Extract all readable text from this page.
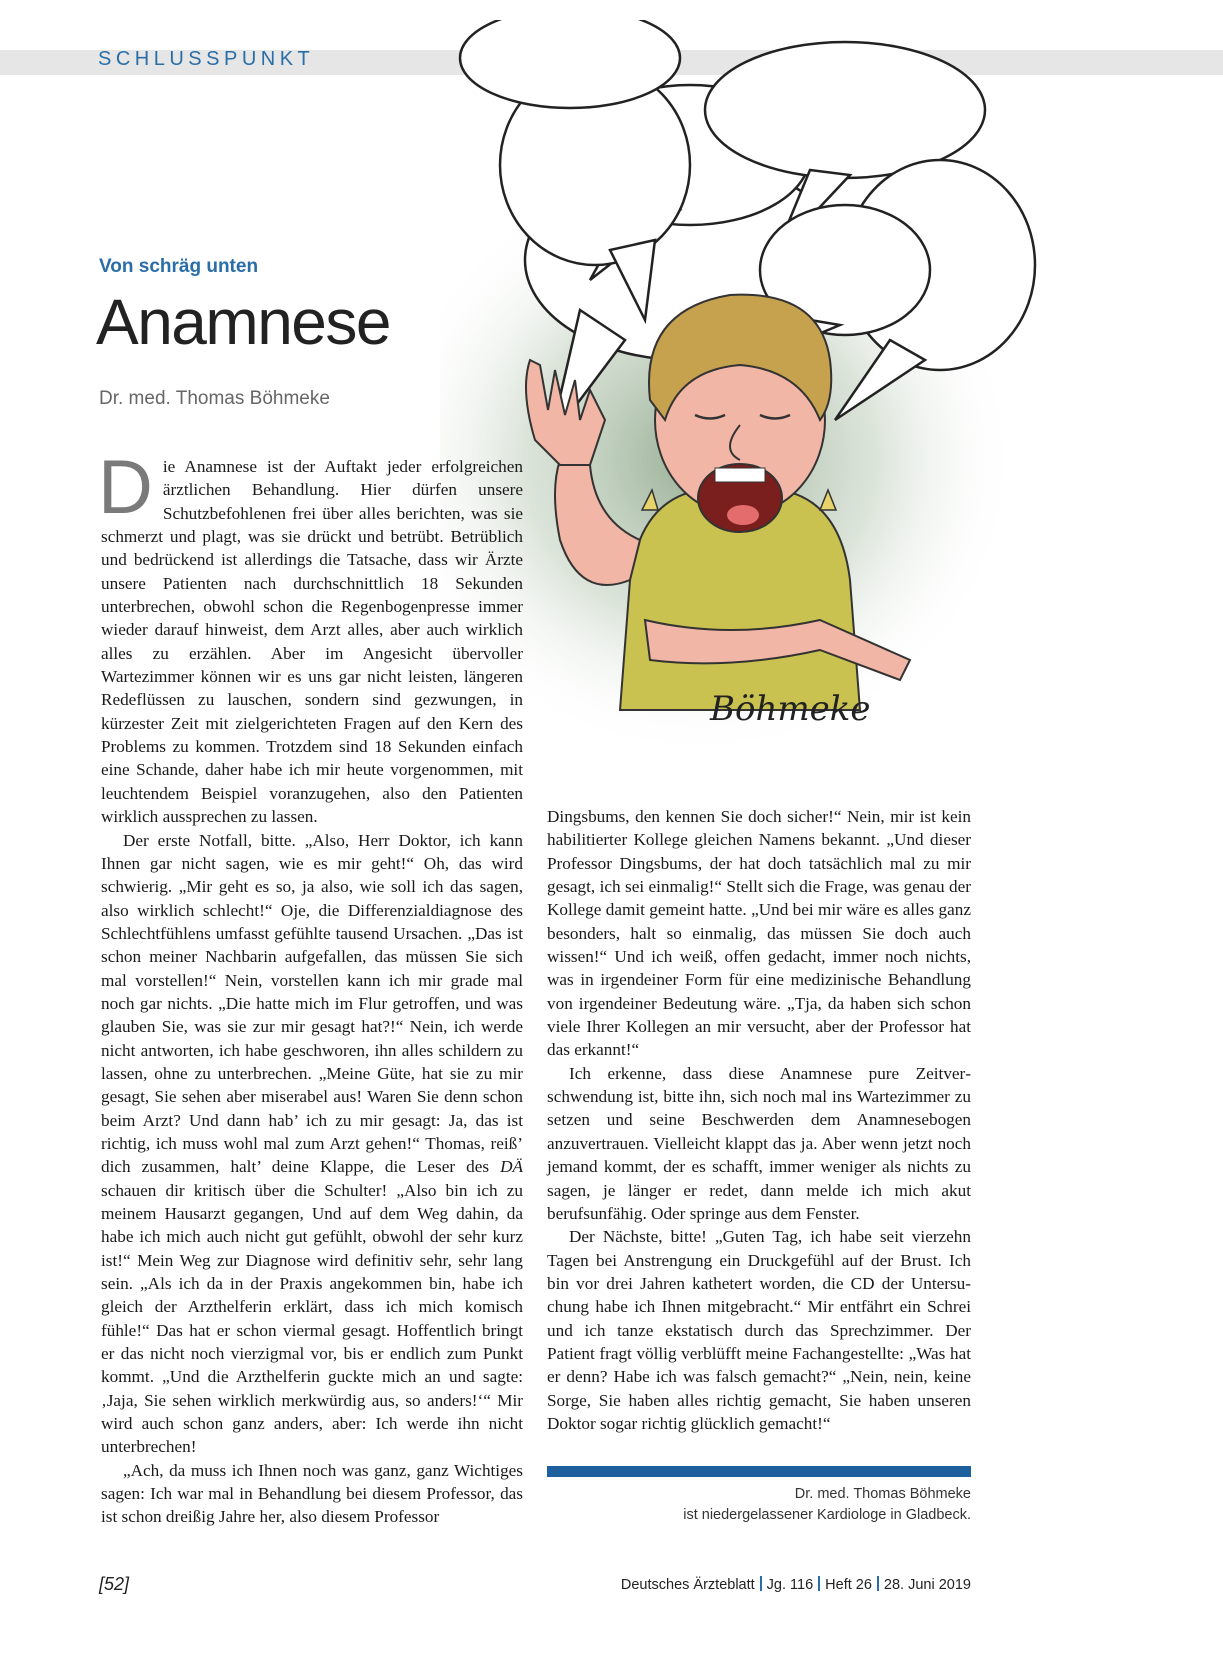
SCHLUSSPUNKT
Böhmeke
Von schräg unten
Anamnese
Dr. med. Thomas Böhmeke

Die Anamnese ist der Auftakt jeder erfolgreichen ärztlichen Behandlung. Hier dürfen unsere Schutzbefohlenen frei über alles berichten, was sie schmerzt und plagt, was sie drückt und betrübt. Betrüblich und bedrückend ist allerdings die Tatsache, dass wir Ärzte unsere Patienten nach durchschnittlich 18 Sekunden unterbrechen, obwohl schon die Regenbogenpresse immer wieder darauf hinweist, dem Arzt alles, aber auch wirklich alles zu erzählen. Aber im Angesicht übervoller Wartezimmer können wir es uns gar nicht leisten, längeren Redeflüssen zu lauschen, sondern sind gezwungen, in kürzester Zeit mit zielgerichteten Fragen auf den Kern des Problems zu kommen. Trotzdem sind 18 Sekunden einfach eine Schande, daher habe ich mir heute vorgenommen, mit leuchtendem Beispiel voranzugehen, also den Patienten wirklich aussprechen zu lassen.

Der erste Notfall, bitte. „Also, Herr Doktor, ich kann Ihnen gar nicht sagen, wie es mir geht!“ Oh, das wird schwierig. „Mir geht es so, ja also, wie soll ich das sagen, also wirklich schlecht!“ Oje, die Differenzialdiagnose des Schlechtfühlens umfasst gefühlte tausend Ursachen. „Das ist schon meiner Nachbarin aufgefallen, das müssen Sie sich mal vorstellen!“ Nein, vorstellen kann ich mir grade mal noch gar nichts. „Die hatte mich im Flur getroffen, und was glauben Sie, was sie zur mir gesagt hat?!“ Nein, ich werde nicht antworten, ich habe geschworen, ihn alles schildern zu lassen, ohne zu unterbrechen. „Meine Güte, hat sie zu mir gesagt, Sie sehen aber miserabel aus! Waren Sie denn schon beim Arzt? Und dann hab’ ich zu mir gesagt: Ja, das ist richtig, ich muss wohl mal zum Arzt gehen!“ Thomas, reiß’ dich zusammen, halt’ deine Klappe, die Leser des DÄ schauen dir kritisch über die Schulter! „Also bin ich zu meinem Hausarzt gegangen, Und auf dem Weg dahin, da habe ich mich auch nicht gut gefühlt, obwohl der sehr kurz ist!“ Mein Weg zur Diagnose wird definitiv sehr, sehr lang sein. „Als ich da in der Praxis angekommen bin, habe ich gleich der Arzthelferin erklärt, dass ich mich komisch fühle!“ Das hat er schon viermal gesagt. Hoffentlich bringt er das nicht noch vierzigmal vor, bis er endlich zum Punkt kommt. „Und die Arzthelferin guckte mich an und sagte: ‚Jaja, Sie sehen wirklich merkwürdig aus, so anders!‘“ Mir wird auch schon ganz anders, aber: Ich werde ihn nicht unterbrechen!

„Ach, da muss ich Ihnen noch was ganz, ganz Wichtiges sagen: Ich war mal in Behandlung bei diesem Professor, das ist schon dreißig Jahre her, also diesem Professor

Dingsbums, den kennen Sie doch sicher!“ Nein, mir ist kein habilitierter Kollege gleichen Namens bekannt. „Und dieser Professor Dingsbums, der hat doch tatsächlich mal zu mir gesagt, ich sei einmalig!“ Stellt sich die Frage, was genau der Kollege damit gemeint hatte. „Und bei mir wäre es alles ganz besonders, halt so einmalig, das müssen Sie doch auch wissen!“ Und ich weiß, offen gedacht, immer noch nichts, was in irgendeiner Form für eine medizinische Behandlung von irgendeiner Bedeutung wäre. „Tja, da haben sich schon viele Ihrer Kollegen an mir versucht, aber der Professor hat das erkannt!“

Ich erkenne, dass diese Anamnese pure Zeitverschwendung ist, bitte ihn, sich noch mal ins Wartezimmer zu setzen und seine Beschwerden dem Anamnesebogen anzuvertrauen. Vielleicht klappt das ja. Aber wenn jetzt noch jemand kommt, der es schafft, immer weniger als nichts zu sagen, je länger er redet, dann melde ich mich akut berufsunfähig. Oder springe aus dem Fenster.

Der Nächste, bitte! „Guten Tag, ich habe seit vierzehn Tagen bei Anstrengung ein Druckgefühl auf der Brust. Ich bin vor drei Jahren kathetert worden, die CD der Untersuchung habe ich Ihnen mitgebracht.“ Mir entfährt ein Schrei und ich tanze ekstatisch durch das Sprechzimmer. Der Patient fragt völlig verblüfft meine Fachangestellte: „Was hat er denn? Habe ich was falsch gemacht?“ „Nein, nein, keine Sorge, Sie haben alles richtig gemacht, Sie haben unseren Doktor sogar richtig glücklich gemacht!“

Dr. med. Thomas Böhmeke
ist niedergelassener Kardiologe in Gladbeck.
[52]	Deutsches Ärzteblatt Jg. 116 Heft 26 28. Juni 2019
